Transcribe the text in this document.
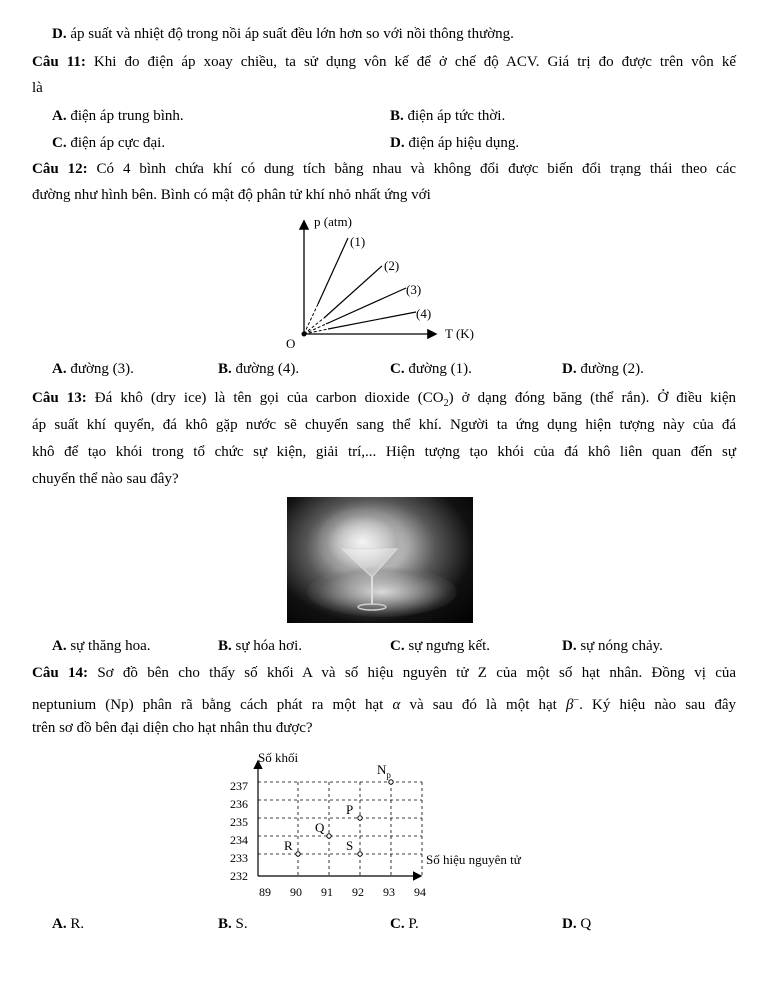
D. áp suất và nhiệt độ trong nồi áp suất đều lớn hơn so với nồi thông thường.
Câu 11: Khi đo điện áp xoay chiều, ta sử dụng vôn kế để ở chế độ ACV. Giá trị đo được trên vôn kế
là
A. điện áp trung bình.	B. điện áp tức thời.
C. điện áp cực đại.	D. điện áp hiệu dụng.
Câu 12: Có 4 bình chứa khí có dung tích bằng nhau và không đổi được biến đổi trạng thái theo các
đường như hình bên. Bình có mật độ phân tử khí nhỏ nhất ứng với
p (atm)
T (K)
O
(1)
(2)
(3)
(4)
A. đường (3).	B. đường (4).	C. đường (1).	D. đường (2).
Câu 13: Đá khô (dry ice) là tên gọi của carbon dioxide $(CO_2)$ ở dạng đóng băng (thể rắn). Ở điều kiện
áp suất khí quyển, đá khô gặp nước sẽ chuyển sang thể khí. Người ta ứng dụng hiện tượng này của đá
khô để tạo khói trong tổ chức sự kiện, giải trí,... Hiện tượng tạo khói của đá khô liên quan đến sự
chuyển thể nào sau đây?
A. sự thăng hoa.	B. sự hóa hơi.	C. sự ngưng kết.	D. sự nóng chảy.
Câu 14: Sơ đồ bên cho thấy số khối A và số hiệu nguyên tử Z của một số hạt nhân. Đồng vị của
neptunium (Np) phân rã bằng cách phát ra một hạt α và sau đó là một hạt β−. Ký hiệu nào sau đây
trên sơ đồ bên đại diện cho hạt nhân thu được?
Số khối
Số hiệu nguyên tử
237
236
235
234
233
232
89 90 91 92 93 94
$N_p$
P
Q
R	S
A. R.	B. S.	C. P.	D. Q
